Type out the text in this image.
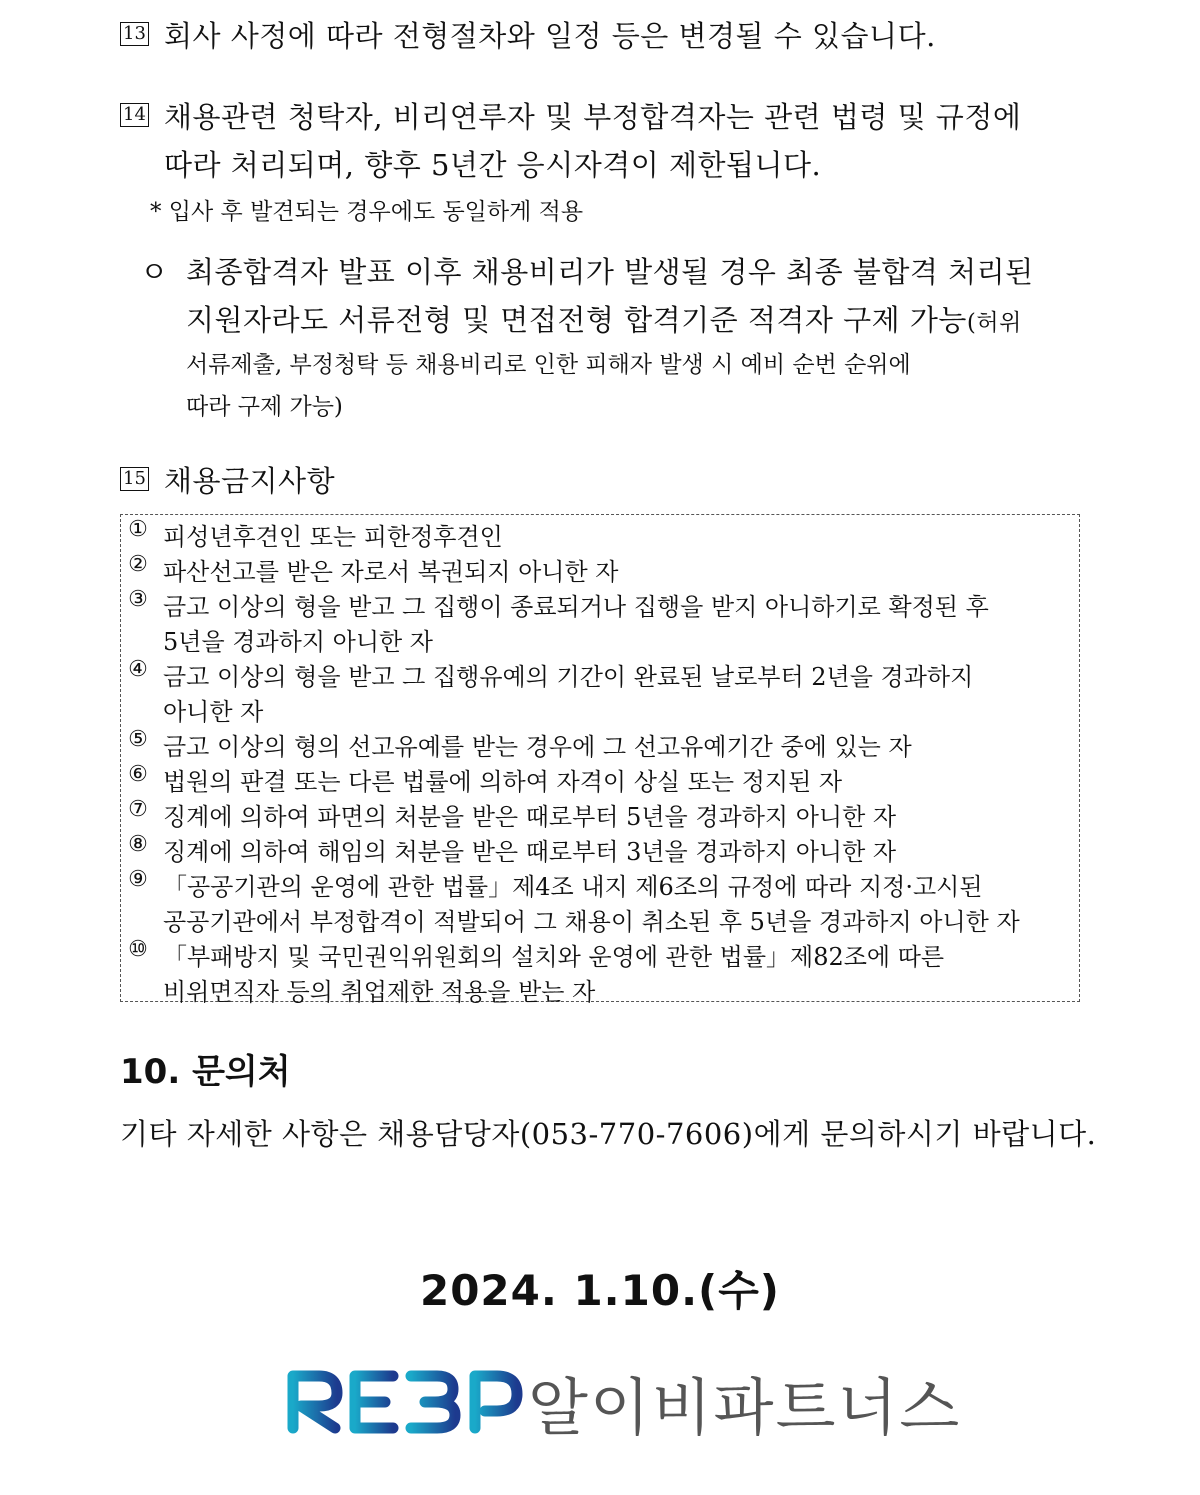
13 회사 사정에 따라 전형절차와 일정 등은 변경될 수 있습니다.
14 채용관련 청탁자, 비리연루자 및 부정합격자는 관련 법령 및 규정에
따라 처리되며, 향후 5년간 응시자격이 제한됩니다.
* 입사 후 발견되는 경우에도 동일하게 적용
ㅇ 최종합격자 발표 이후 채용비리가 발생될 경우 최종 불합격 처리된
지원자라도 서류전형 및 면접전형 합격기준 적격자 구제 가능(허위
서류제출, 부정청탁 등 채용비리로 인한 피해자 발생 시 예비 순번 순위에
따라 구제 가능)
15 채용금지사항
① 피성년후견인 또는 피한정후견인
② 파산선고를 받은 자로서 복권되지 아니한 자
③ 금고 이상의 형을 받고 그 집행이 종료되거나 집행을 받지 아니하기로 확정된 후
5년을 경과하지 아니한 자
④ 금고 이상의 형을 받고 그 집행유예의 기간이 완료된 날로부터 2년을 경과하지
아니한 자
⑤ 금고 이상의 형의 선고유예를 받는 경우에 그 선고유예기간 중에 있는 자
⑥ 법원의 판결 또는 다른 법률에 의하여 자격이 상실 또는 정지된 자
⑦ 징계에 의하여 파면의 처분을 받은 때로부터 5년을 경과하지 아니한 자
⑧ 징계에 의하여 해임의 처분을 받은 때로부터 3년을 경과하지 아니한 자
⑨ 「공공기관의 운영에 관한 법률」제4조 내지 제6조의 규정에 따라 지정·고시된
공공기관에서 부정합격이 적발되어 그 채용이 취소된 후 5년을 경과하지 아니한 자
⑩ 「부패방지 및 국민권익위원회의 설치와 운영에 관한 법률」제82조에 따른
비위면직자 등의 취업제한 적용을 받는 자
10. 문의처
기타 자세한 사항은 채용담당자(053-770-7606)에게 문의하시기 바랍니다.
2024. 1.10.(수)
알이비파트너스
